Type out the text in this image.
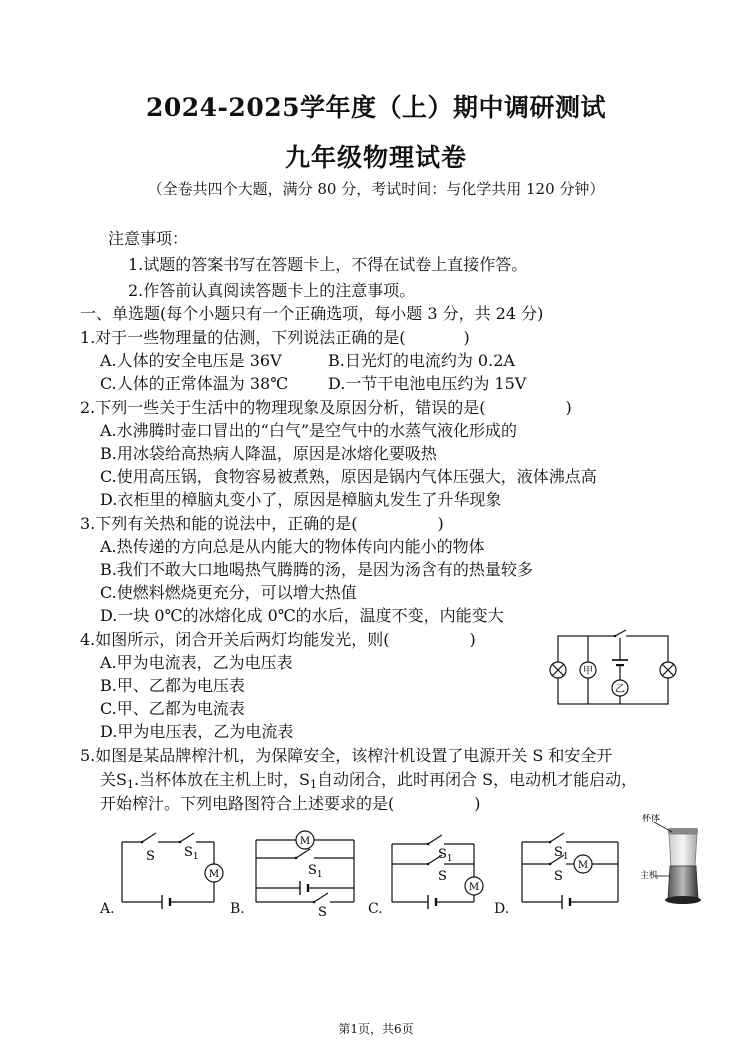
2024-2025学年度（上）期中调研测试
九年级物理试卷
（全卷共四个大题，满分 80 分，考试时间：与化学共用 120 分钟）
注意事项：
1.试题的答案书写在答题卡上，不得在试卷上直接作答。
2.作答前认真阅读答题卡上的注意事项。
一、单选题(每个小题只有一个正确选项，每小题 3 分，共 24 分)
1.对于一些物理量的估测，下列说法正确的是(	)
A.人体的安全电压是 36V	B.日光灯的电流约为 0.2A
C.人体的正常体温为 38℃ D.一节干电池电压约为 15V
2.下列一些关于生活中的物理现象及原因分析，错误的是(	)
A.水沸腾时壶口冒出的“白气”是空气中的水蒸气液化形成的
B.用冰袋给高热病人降温，原因是冰熔化要吸热
C.使用高压锅，食物容易被煮熟，原因是锅内气体压强大，液体沸点高
D.衣柜里的樟脑丸变小了，原因是樟脑丸发生了升华现象
3.下列有关热和能的说法中，正确的是(	)
A.热传递的方向总是从内能大的物体传向内能小的物体
B.我们不敢大口地喝热气腾腾的汤，是因为汤含有的热量较多
C.使燃料燃烧更充分，可以增大热值
D.一块 0℃的冰熔化成 0℃的水后，温度不变，内能变大
4.如图所示，闭合开关后两灯均能发光，则(	)
A.甲为电流表，乙为电压表
B.甲、乙都为电压表
C.甲、乙都为电流表
D.甲为电压表，乙为电流表
甲
乙
5.如图是某品牌榨汁机，为保障安全，该榨汁机设置了电源开关 S 和安全开
关$S_1$.当杯体放在主机上时，$S_1$自动闭合，此时再闭合 S，电动机才能启动，
开始榨汁。下列电路图符合上述要求的是(	)
M
S $S_1$
A.
M
$S_1$
S
B.
M
$S_1$
S
C.
M
$S_1$
S
D.
杯体
主机
第1页，共6页
